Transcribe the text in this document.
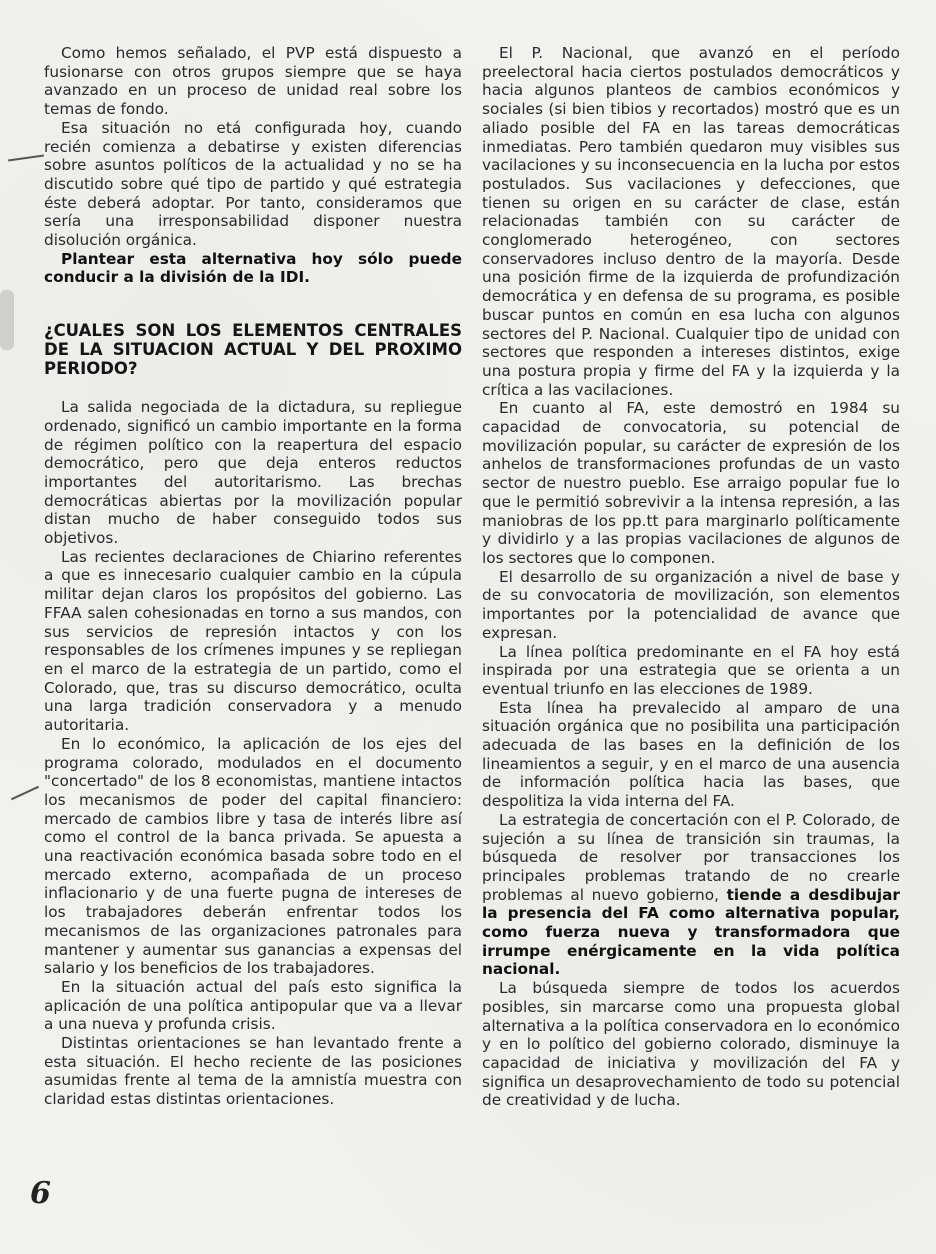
Como hemos señalado, el PVP está dispuesto a fusionarse con otros grupos siempre que se haya avanzado en un proceso de unidad real sobre los temas de fondo.

Esa situación no etá configurada hoy, cuando recién comienza a debatirse y existen diferencias sobre asuntos políticos de la actualidad y no se ha discutido sobre qué tipo de partido y qué estrategia éste deberá adoptar. Por tanto, consideramos que sería una irresponsabilidad disponer nuestra disolución orgánica.

Plantear esta alternativa hoy sólo puede conducir a la división de la IDI.

¿CUALES SON LOS ELEMENTOS CENTRALES DE LA SITUACION ACTUAL Y DEL PROXIMO PERIODO?

La salida negociada de la dictadura, su repliegue ordenado, significó un cambio importante en la forma de régimen político con la reapertura del espacio democrático, pero que deja enteros reductos importantes del autoritarismo. Las brechas democráticas abiertas por la movilización popular distan mucho de haber conseguido todos sus objetivos.

Las recientes declaraciones de Chiarino referentes a que es innecesario cualquier cambio en la cúpula militar dejan claros los propósitos del gobierno. Las FFAA salen cohesionadas en torno a sus mandos, con sus servicios de represión intactos y con los responsables de los crímenes impunes y se repliegan en el marco de la estrategia de un partido, como el Colorado, que, tras su discurso democrático, oculta una larga tradición conservadora y a menudo autoritaria.

En lo económico, la aplicación de los ejes del programa colorado, modulados en el documento "concertado" de los 8 economistas, mantiene intactos los mecanismos de poder del capital financiero: mercado de cambios libre y tasa de interés libre así como el control de la banca privada. Se apuesta a una reactivación económica basada sobre todo en el mercado externo, acompañada de un proceso inflacionario y de una fuerte pugna de intereses de los trabajadores deberán enfrentar todos los mecanismos de las organizaciones patronales para mantener y aumentar sus ganancias a expensas del salario y los beneficios de los trabajadores.

En la situación actual del país esto significa la aplicación de una política antipopular que va a llevar a una nueva y profunda crisis.

Distintas orientaciones se han levantado frente a esta situación. El hecho reciente de las posiciones asumidas frente al tema de la amnistía muestra con claridad estas distintas orientaciones.

El P. Nacional, que avanzó en el período preelectoral hacia ciertos postulados democráticos y hacia algunos planteos de cambios económicos y sociales (si bien tibios y recortados) mostró que es un aliado posible del FA en las tareas democráticas inmediatas. Pero también quedaron muy visibles sus vacilaciones y su inconsecuencia en la lucha por estos postulados. Sus vacilaciones y defecciones, que tienen su origen en su carácter de clase, están relacionadas también con su carácter de conglomerado heterogéneo, con sectores conservadores incluso dentro de la mayoría. Desde una posición firme de la izquierda de profundización democrática y en defensa de su programa, es posible buscar puntos en común en esa lucha con algunos sectores del P. Nacional. Cualquier tipo de unidad con sectores que responden a intereses distintos, exige una postura propia y firme del FA y la izquierda y la crítica a las vacilaciones.

En cuanto al FA, este demostró en 1984 su capacidad de convocatoria, su potencial de movilización popular, su carácter de expresión de los anhelos de transformaciones profundas de un vasto sector de nuestro pueblo. Ese arraigo popular fue lo que le permitió sobrevivir a la intensa represión, a las maniobras de los pp.tt para marginarlo políticamente y dividirlo y a las propias vacilaciones de algunos de los sectores que lo componen.

El desarrollo de su organización a nivel de base y de su convocatoria de movilización, son elementos importantes por la potencialidad de avance que expresan.

La línea política predominante en el FA hoy está inspirada por una estrategia que se orienta a un eventual triunfo en las elecciones de 1989.

Esta línea ha prevalecido al amparo de una situación orgánica que no posibilita una participación adecuada de las bases en la definición de los lineamientos a seguir, y en el marco de una ausencia de información política hacia las bases, que despolitiza la vida interna del FA.

La estrategia de concertación con el P. Colorado, de sujeción a su línea de transición sin traumas, la búsqueda de resolver por transacciones los principales problemas tratando de no crearle problemas al nuevo gobierno, tiende a desdibujar la presencia del FA como alternativa popular, como fuerza nueva y transformadora que irrumpe enérgicamente en la vida política nacional.

La búsqueda siempre de todos los acuerdos posibles, sin marcarse como una propuesta global alternativa a la política conservadora en lo económico y en lo político del gobierno colorado, disminuye la capacidad de iniciativa y movilización del FA y significa un desaprovechamiento de todo su potencial de creatividad y de lucha.

6
